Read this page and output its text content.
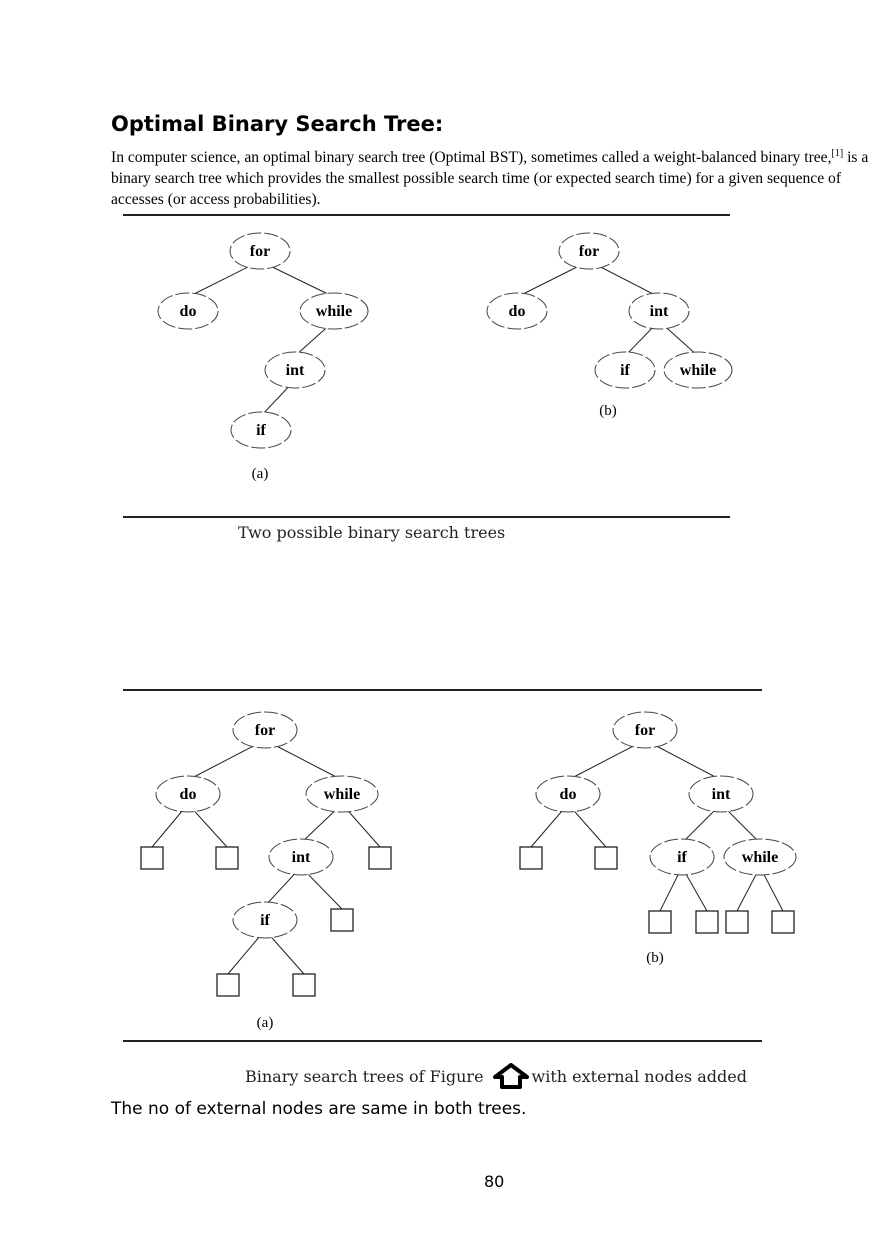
Optimal Binary Search Tree:
In computer science, an optimal binary search tree (Optimal BST), sometimes called a weight-balanced binary tree,[1] is a binary search tree which provides the smallest possible search time (or expected search time) for a given sequence of accesses (or access probabilities).
for
do	while
int
if
(a)
for
do	int
if	while
(b)
for
do	while
int
if
(a)
for
do	int
if	while
(b)
Two possible binary search trees
Binary search trees of Figure	with external nodes added
The no of external nodes are same in both trees.
80
